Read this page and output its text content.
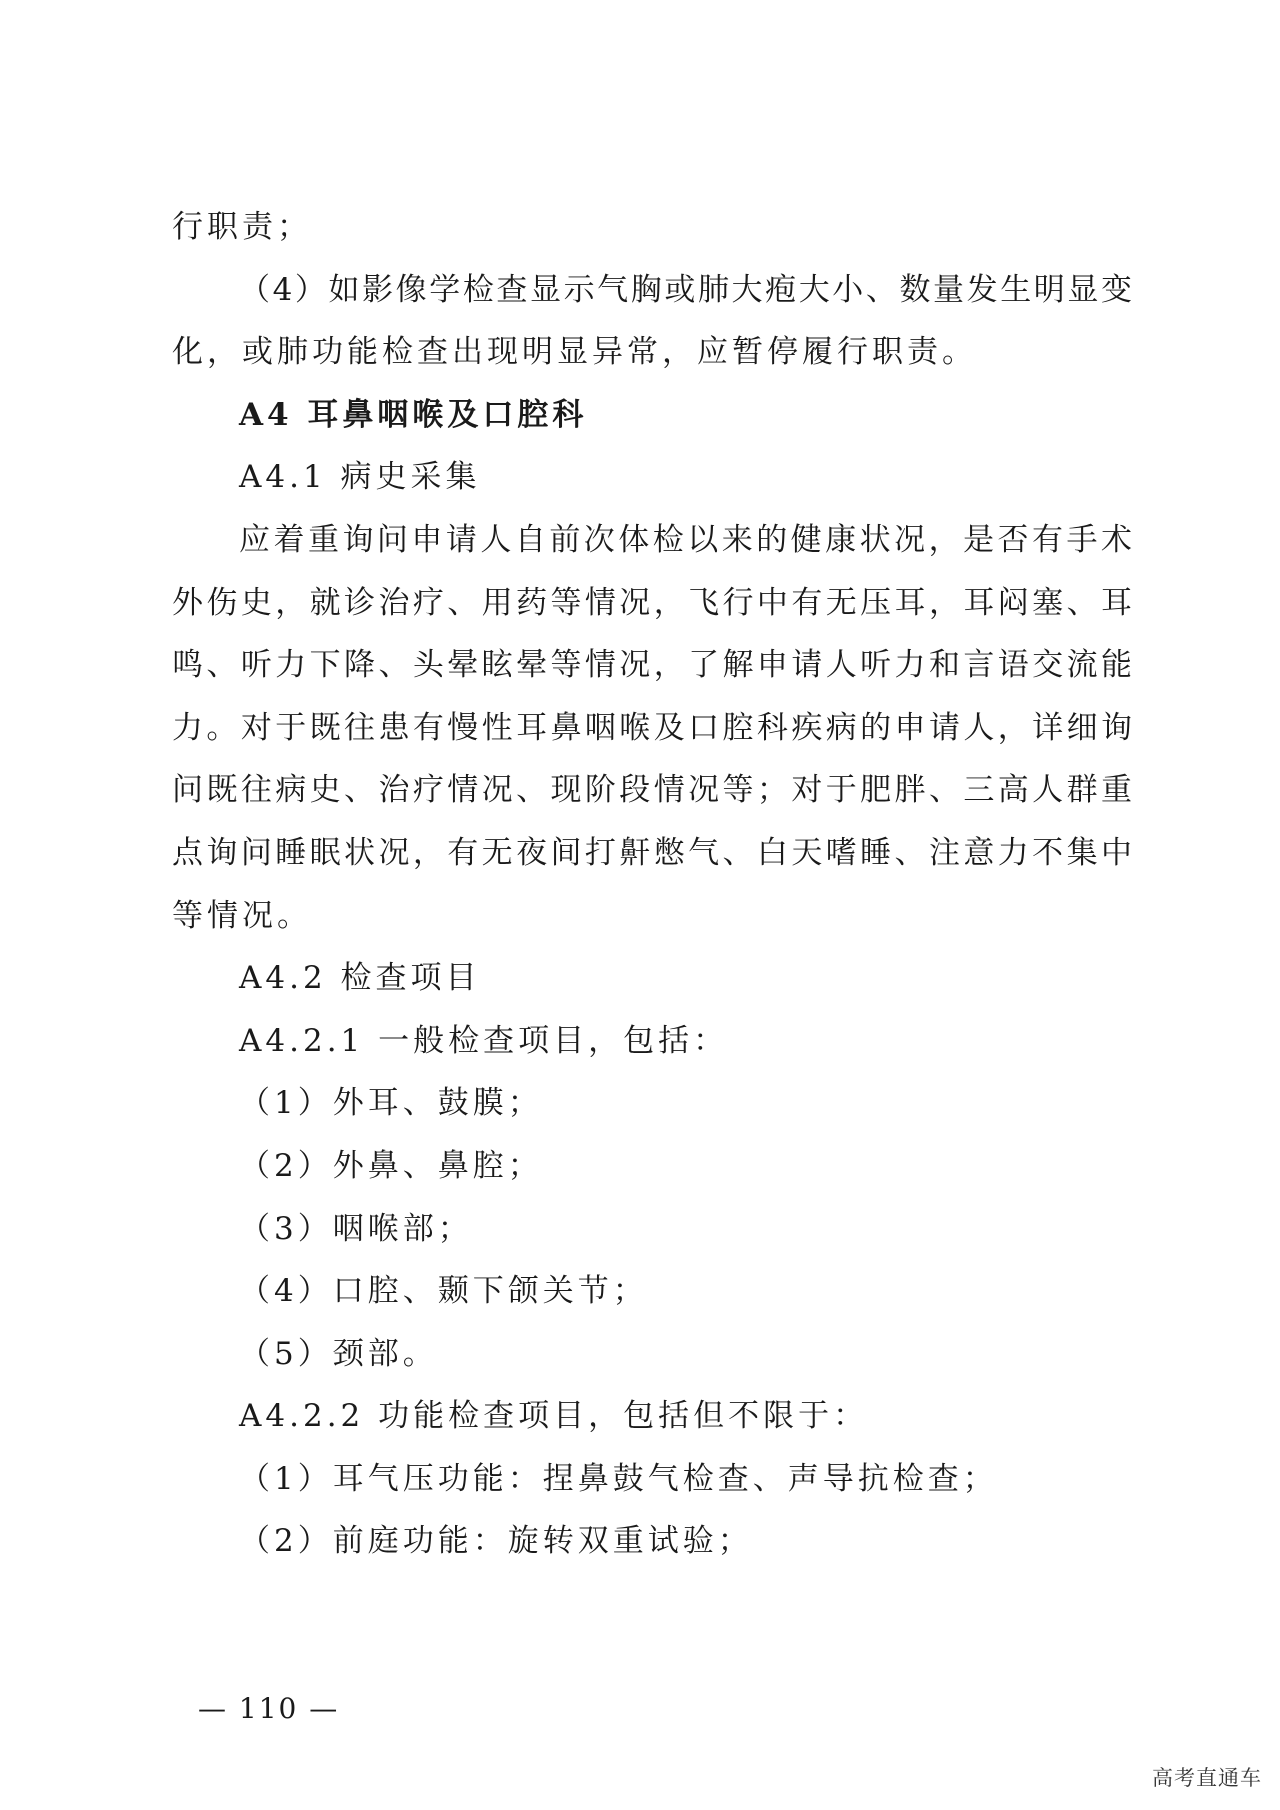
行职责；
（4）如影像学检查显示气胸或肺大疱大小、数量发生明显变
化，或肺功能检查出现明显异常，应暂停履行职责。
A4 耳鼻咽喉及口腔科
A4.1 病史采集
应着重询问申请人自前次体检以来的健康状况，是否有手术
外伤史，就诊治疗、用药等情况，飞行中有无压耳，耳闷塞、耳
鸣、听力下降、头晕眩晕等情况，了解申请人听力和言语交流能
力。对于既往患有慢性耳鼻咽喉及口腔科疾病的申请人，详细询
问既往病史、治疗情况、现阶段情况等；对于肥胖、三高人群重
点询问睡眠状况，有无夜间打鼾憋气、白天嗜睡、注意力不集中
等情况。
A4.2 检查项目
A4.2.1 一般检查项目，包括：
（1）外耳、鼓膜；
（2）外鼻、鼻腔；
（3）咽喉部；
（4）口腔、颞下颌关节；
（5）颈部。
A4.2.2 功能检查项目，包括但不限于：
（1）耳气压功能：捏鼻鼓气检查、声导抗检查；
（2）前庭功能：旋转双重试验；
— 110 —
高考直通车
